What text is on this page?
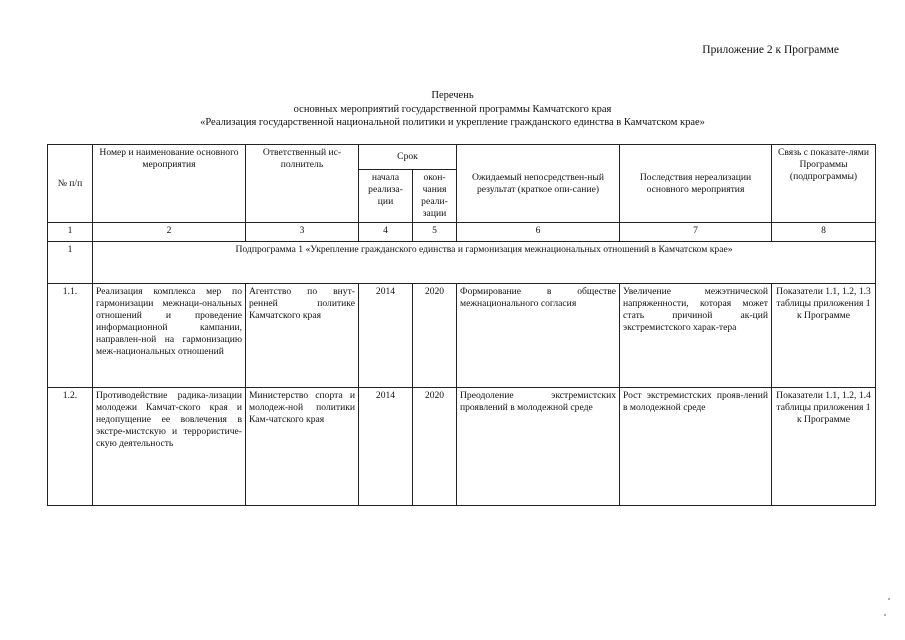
Приложение 2 к Программе
Перечень
основных мероприятий государственной программы Камчатского края
«Реализация государственной национальной политики и укрепление гражданского единства в Камчатском крае»
№ п/п	Номер и наименование основного мероприятия	Ответственный ис-полнитель	Срок		Ожидаемый непосредствен-ный результат (краткое опи-сание)	Последствия нереализации основного мероприятия	Связь с показате-лями Программы (подпрограммы)
			начала реализа-ции	окон-чания реали-зации			
1	2	3	4	5	6	7	8
1	Подпрограмма 1 «Укрепление гражданского единства и гармонизация межнациональных отношений в Камчатском крае»						
1.1.	Реализация комплекса мер по гармонизации межнаци-ональных отношений и проведение информационной кампании, направлен-ной на гармонизацию меж-национальных отношений	Агентство по внут-ренней политике Камчатского края	2014	2020	Формирование в обществе межнационального согласия	Увеличение межэтнической напряженности, которая может стать причиной ак-ций экстремистского харак-тера	Показатели 1.1, 1.2, 1.3 таблицы приложения 1 к Программе
1.2.	Противодействие радика-лизации молодежи Камчат-ского края и недопущение ее вовлечения в экстре-мистскую и террористиче-скую деятельность	Министерство спорта и молодеж-ной политики Кам-чатского края	2014	2020	Преодоление экстремистских проявлений в молодежной среде	Рост экстремистских прояв-лений в молодежной среде	Показатели 1.1, 1.2, 1.4 таблицы приложения 1 к Программе
